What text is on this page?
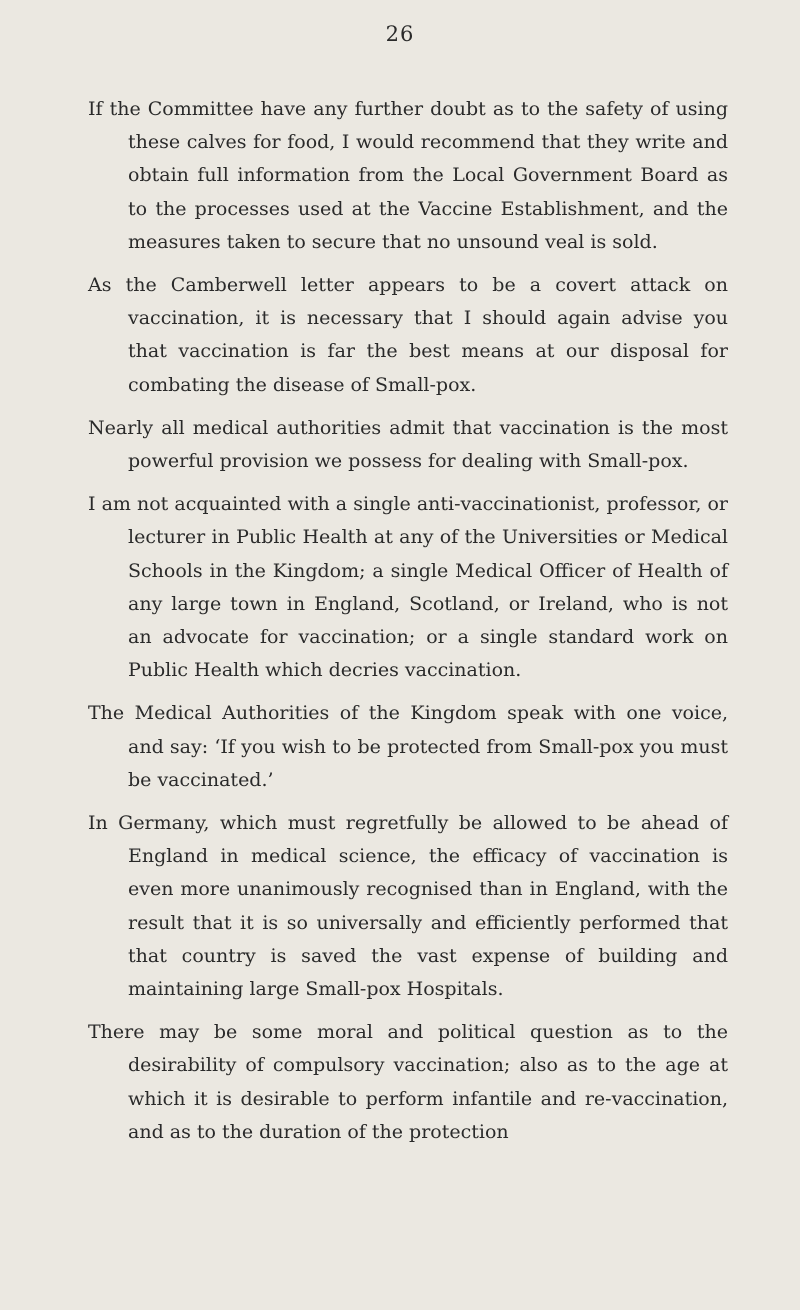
26

If the Committee have any further doubt as to the safety of using these calves for food, I would recommend that they write and obtain full information from the Local Government Board as to the processes used at the Vaccine Establishment, and the measures taken to secure that no unsound veal is sold.

As the Camberwell letter appears to be a covert attack on vaccination, it is necessary that I should again advise you that vaccination is far the best means at our disposal for combating the disease of Small-pox.

Nearly all medical authorities admit that vaccination is the most powerful provision we possess for dealing with Small-pox.

I am not acquainted with a single anti-vaccinationist, professor, or lecturer in Public Health at any of the Universities or Medical Schools in the Kingdom; a single Medical Officer of Health of any large town in England, Scotland, or Ireland, who is not an advocate for vaccination; or a single standard work on Public Health which decries vaccination.

The Medical Authorities of the Kingdom speak with one voice, and say: ‘If you wish to be protected from Small-pox you must be vaccinated.’

In Germany, which must regretfully be allowed to be ahead of England in medical science, the efficacy of vaccination is even more unanimously recognised than in England, with the result that it is so universally and efficiently performed that that country is saved the vast expense of building and maintaining large Small-pox Hospitals.

There may be some moral and political question as to the desirability of compulsory vaccination; also as to the age at which it is desirable to perform infantile and re-vaccination, and as to the duration of the protection
